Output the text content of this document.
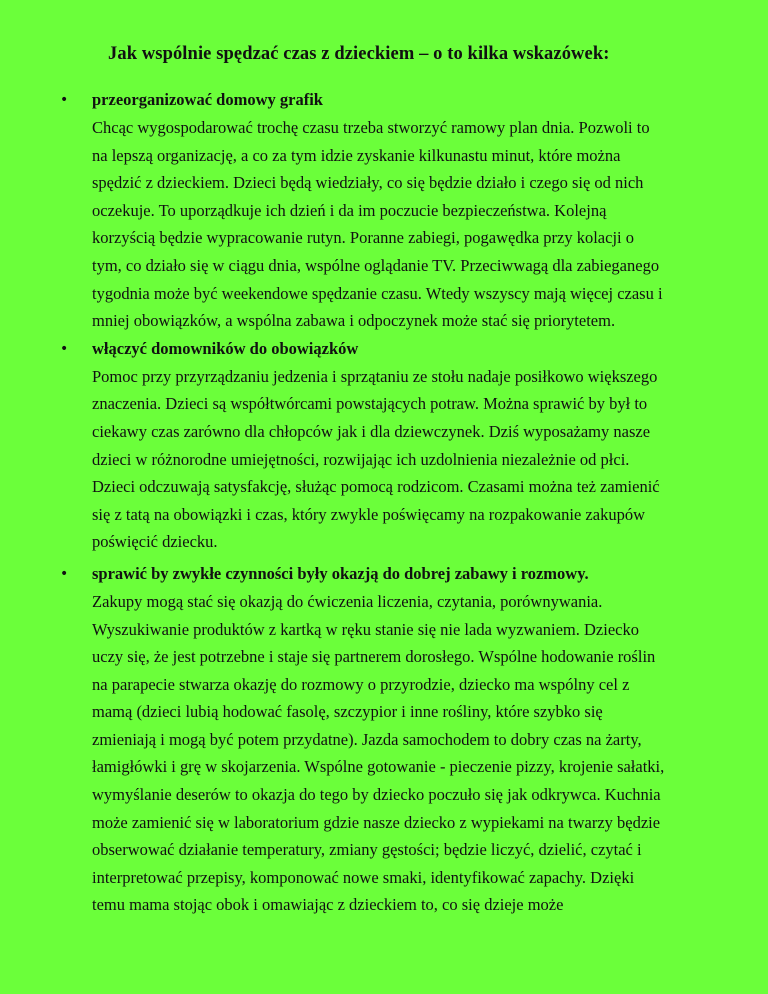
Jak wspólnie spędzać czas z dzieckiem – o to kilka wskazówek:
• przeorganizować domowy grafik

Chcąc wygospodarować trochę czasu trzeba stworzyć ramowy plan dnia. Pozwoli to
na lepszą organizację, a co za tym idzie zyskanie kilkunastu minut, które można
spędzić z dzieckiem. Dzieci będą wiedziały, co się będzie działo i czego się od nich
oczekuje. To uporządkuje ich dzień i da im poczucie bezpieczeństwa. Kolejną
korzyścią będzie wypracowanie rutyn. Poranne zabiegi, pogawędka przy kolacji o
tym, co działo się w ciągu dnia, wspólne oglądanie TV. Przeciwwagą dla zabieganego
tygodnia może być weekendowe spędzanie czasu. Wtedy wszyscy mają więcej czasu i
mniej obowiązków, a wspólna zabawa i odpoczynek może stać się priorytetem.

• włączyć domowników do obowiązków

Pomoc przy przyrządzaniu jedzenia i sprzątaniu ze stołu nadaje posiłkowo większego
znaczenia. Dzieci są współtwórcami powstających potraw. Można sprawić by był to
ciekawy czas zarówno dla chłopców jak i dla dziewczynek. Dziś wyposażamy nasze
dzieci w różnorodne umiejętności, rozwijając ich uzdolnienia niezależnie od płci.
Dzieci odczuwają satysfakcję, służąc pomocą rodzicom. Czasami można też zamienić
się z tatą na obowiązki i czas, który zwykle poświęcamy na rozpakowanie zakupów
poświęcić dziecku.

• sprawić by zwykłe czynności były okazją do dobrej zabawy i rozmowy.

Zakupy mogą stać się okazją do ćwiczenia liczenia, czytania, porównywania.
Wyszukiwanie produktów z kartką w ręku stanie się nie lada wyzwaniem. Dziecko
uczy się, że jest potrzebne i staje się partnerem dorosłego. Wspólne hodowanie roślin
na parapecie stwarza okazję do rozmowy o przyrodzie, dziecko ma wspólny cel z
mamą (dzieci lubią hodować fasolę, szczypior i inne rośliny, które szybko się
zmieniają i mogą być potem przydatne). Jazda samochodem to dobry czas na żarty,
łamigłówki i grę w skojarzenia. Wspólne gotowanie - pieczenie pizzy, krojenie sałatki,
wymyślanie deserów to okazja do tego by dziecko poczuło się jak odkrywca. Kuchnia
może zamienić się w laboratorium gdzie nasze dziecko z wypiekami na twarzy będzie
obserwować działanie temperatury, zmiany gęstości; będzie liczyć, dzielić, czytać i
interpretować przepisy, komponować nowe smaki, identyfikować zapachy. Dzięki
temu mama stojąc obok i omawiając z dzieckiem to, co się dzieje może
